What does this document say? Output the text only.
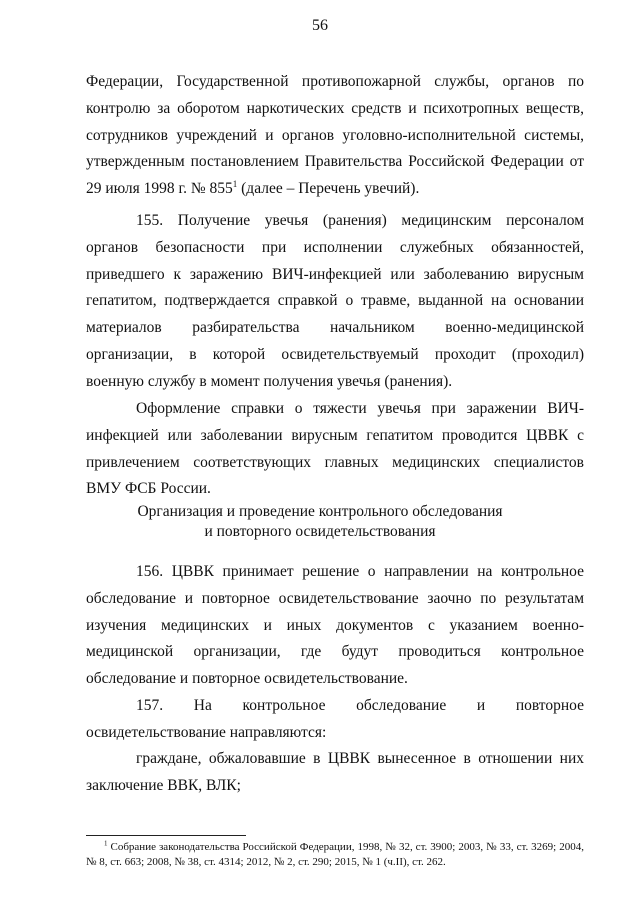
56

Федерации, Государственной противопожарной службы, органов по контролю за оборотом наркотических средств и психотропных веществ, сотрудников учреждений и органов уголовно-исполнительной системы, утвержденным постановлением Правительства Российской Федерации от 29 июля 1998 г. № $855^1$ (далее – Перечень увечий).

155. Получение увечья (ранения) медицинским персоналом органов безопасности при исполнении служебных обязанностей, приведшего к заражению ВИЧ-инфекцией или заболеванию вирусным гепатитом, подтверждается справкой о травме, выданной на основании материалов разбирательства начальником военно-медицинской организации, в которой освидетельствуемый проходит (проходил) военную службу в момент получения увечья (ранения).

Оформление справки о тяжести увечья при заражении ВИЧ-инфекцией или заболевании вирусным гепатитом проводится ЦВВК с привлечением соответствующих главных медицинских специалистов ВМУ ФСБ России.

Организация и проведение контрольного обследования
и повторного освидетельствования

156. ЦВВК принимает решение о направлении на контрольное обследование и повторное освидетельствование заочно по результатам изучения медицинских и иных документов с указанием военно-медицинской организации, где будут проводиться контрольное обследование и повторное освидетельствование.

157. На контрольное обследование и повторное освидетельствование направляются:

граждане, обжаловавшие в ЦВВК вынесенное в отношении них заключение ВВК, ВЛК;

$^1$ Собрание законодательства Российской Федерации, 1998, № 32, ст. 3900; 2003, № 33, ст. 3269; 2004, № 8, ст. 663; 2008, № 38, ст. 4314; 2012, № 2, ст. 290; 2015, № 1 (ч.II), ст. 262.
